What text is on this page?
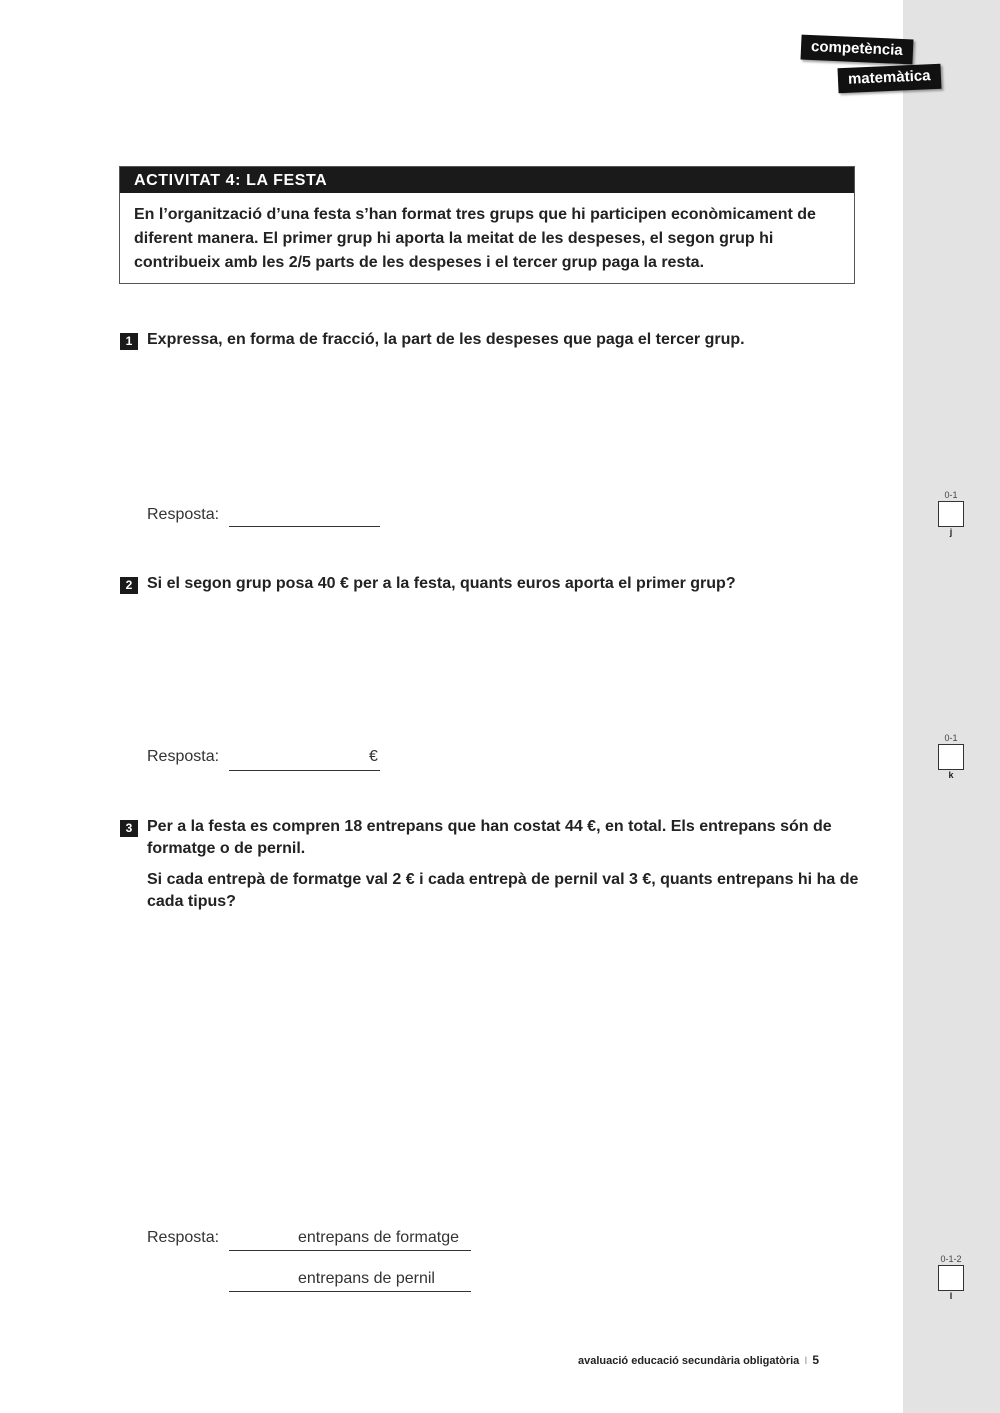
competència
matemàtica
ACTIVITAT 4: LA FESTA
En l’organització d’una festa s’han format tres grups que hi participen econòmicament de diferent manera. El primer grup hi aporta la meitat de les despeses, el segon grup hi contribueix amb les 2/5 parts de les despeses i el tercer grup paga la resta.
1 Expressa, en forma de fracció, la part de les despeses que paga el tercer grup.

Resposta:
2 Si el segon grup posa 40 € per a la festa, quants euros aporta el primer grup?

Resposta:	€
3 Per a la festa es compren 18 entrepans que han costat 44 €, en total. Els entrepans són de formatge o de pernil.

Si cada entrepà de formatge val 2 € i cada entrepà de pernil val 3 €, quants entrepans hi ha de cada tipus?

Resposta:	entrepans de formatge
entrepans de pernil
0-1
j
0-1
k
0-1-2
l
avaluació educació secundària obligatòria I 5
